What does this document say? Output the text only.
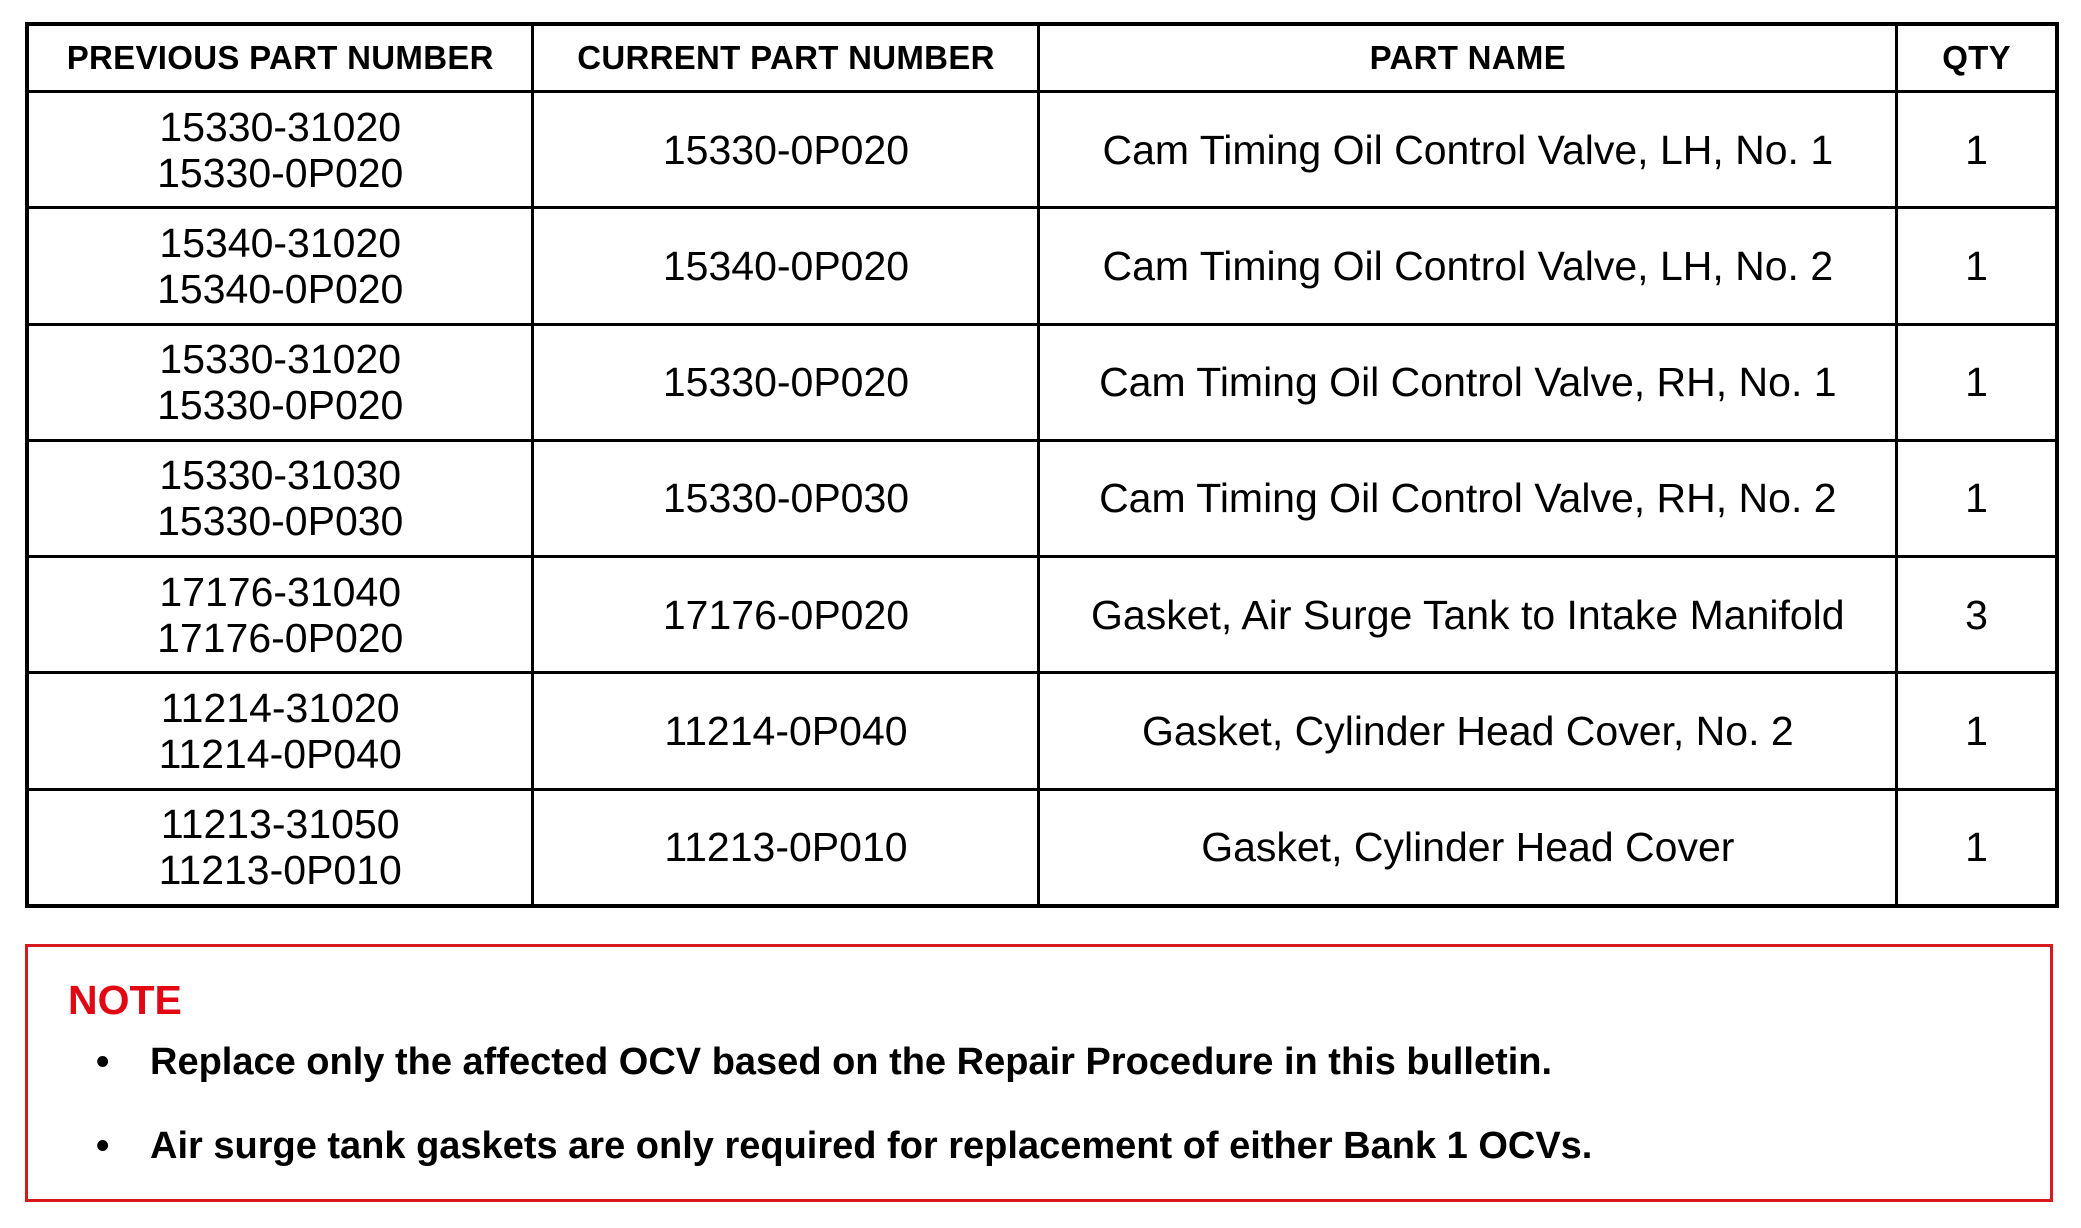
PREVIOUS PART NUMBER	CURRENT PART NUMBER	PART NAME	QTY

15330-31020
15330-0P020	15330-0P020	Cam Timing Oil Control Valve, LH, No. 1	1

15340-31020
15340-0P020	15340-0P020	Cam Timing Oil Control Valve, LH, No. 2	1

15330-31020
15330-0P020	15330-0P020	Cam Timing Oil Control Valve, RH, No. 1	1

15330-31030
15330-0P030	15330-0P030	Cam Timing Oil Control Valve, RH, No. 2	1

17176-31040
17176-0P020	17176-0P020	Gasket, Air Surge Tank to Intake Manifold	3

11214-31020
11214-0P040	11214-0P040	Gasket, Cylinder Head Cover, No. 2	1

11213-31050
11213-0P010	11213-0P010	Gasket, Cylinder Head Cover	1
NOTE
• Replace only the affected OCV based on the Repair Procedure in this bulletin.
• Air surge tank gaskets are only required for replacement of either Bank 1 OCVs.
